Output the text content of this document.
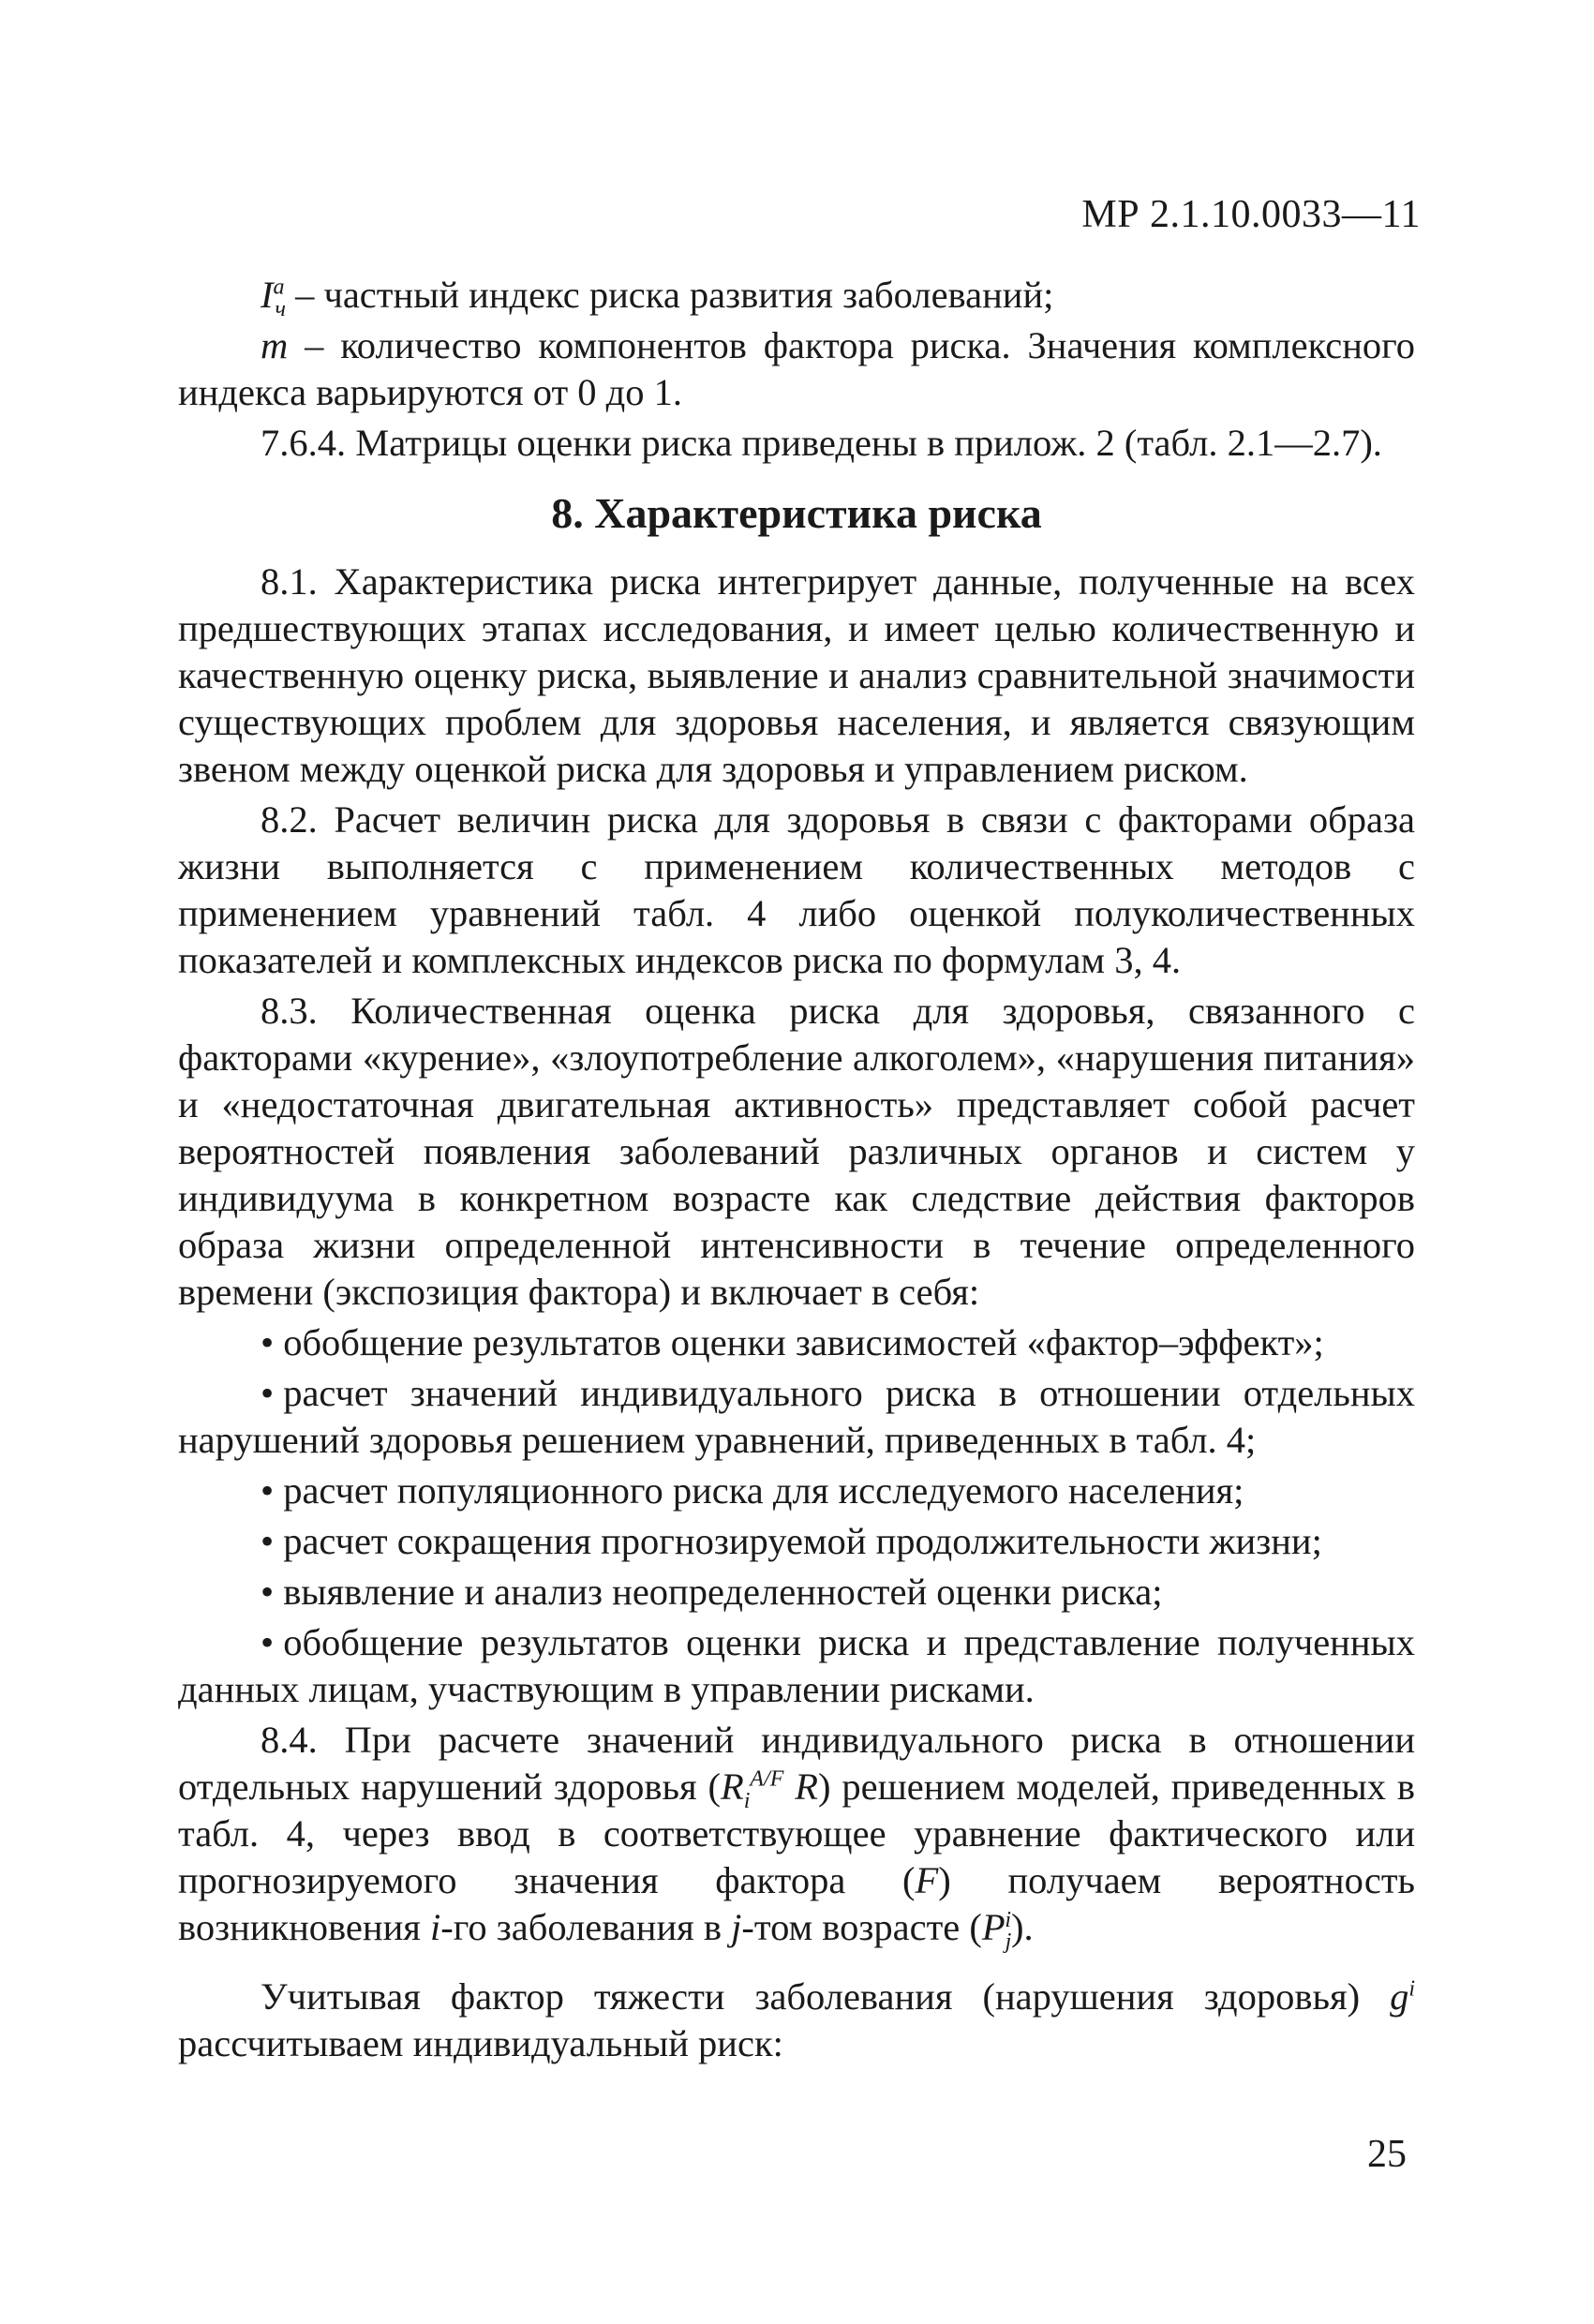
МР 2.1.10.0033—11

$I^a_ч$ – частный индекс риска развития заболеваний;

m – количество компонентов фактора риска. Значения комплексного индекса варьируются от 0 до 1.

7.6.4. Матрицы оценки риска приведены в прилож. 2 (табл. 2.1—2.7).

8. Характеристика риска

8.1. Характеристика риска интегрирует данные, полученные на всех предшествующих этапах исследования, и имеет целью количественную и качественную оценку риска, выявление и анализ сравнительной значимости существующих проблем для здоровья населения, и является связующим звеном между оценкой риска для здоровья и управлением риском.

8.2. Расчет величин риска для здоровья в связи с факторами образа жизни выполняется с применением количественных методов с применением уравнений табл. 4 либо оценкой полуколичественных показателей и комплексных индексов риска по формулам 3, 4.

8.3. Количественная оценка риска для здоровья, связанного с факторами «курение», «злоупотребление алкоголем», «нарушения питания» и «недостаточная двигательная активность» представляет собой расчет вероятностей появления заболеваний различных органов и систем у индивидуума в конкретном возрасте как следствие действия факторов образа жизни определенной интенсивности в течение определенного времени (экспозиция фактора) и включает в себя:

• обобщение результатов оценки зависимостей «фактор–эффект»;

• расчет значений индивидуального риска в отношении отдельных нарушений здоровья решением уравнений, приведенных в табл. 4;

• расчет популяционного риска для исследуемого населения;

• расчет сокращения прогнозируемой продолжительности жизни;

• выявление и анализ неопределенностей оценки риска;

• обобщение результатов оценки риска и представление полученных данных лицам, участвующим в управлении рисками.

8.4. При расчете значений индивидуального риска в отношении отдельных нарушений здоровья ($R_i^{A/F}$ R) решением моделей, приведенных в табл. 4, через ввод в соответствующее уравнение фактического или прогнозируемого значения фактора (F) получаем вероятность возникновения i-го заболевания в j-том возрасте $(P_j^i)$.

Учитывая фактор тяжести заболевания (нарушения здоровья) $g^i$ рассчитываем индивидуальный риск:

25
